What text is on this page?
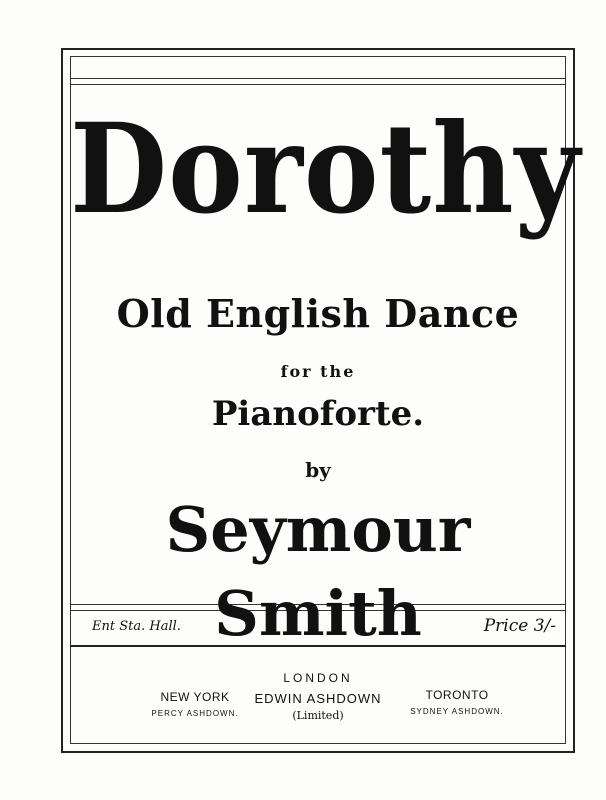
Dorothy
Old English Dance
for the
Pianoforte.
by
Seymour Smith
Ent Sta. Hall.	Price 3/-
LONDON
EDWIN ASHDOWN
(Limited)
NEW YORK
PERCY ASHDOWN.
TORONTO
SYDNEY ASHDOWN.
